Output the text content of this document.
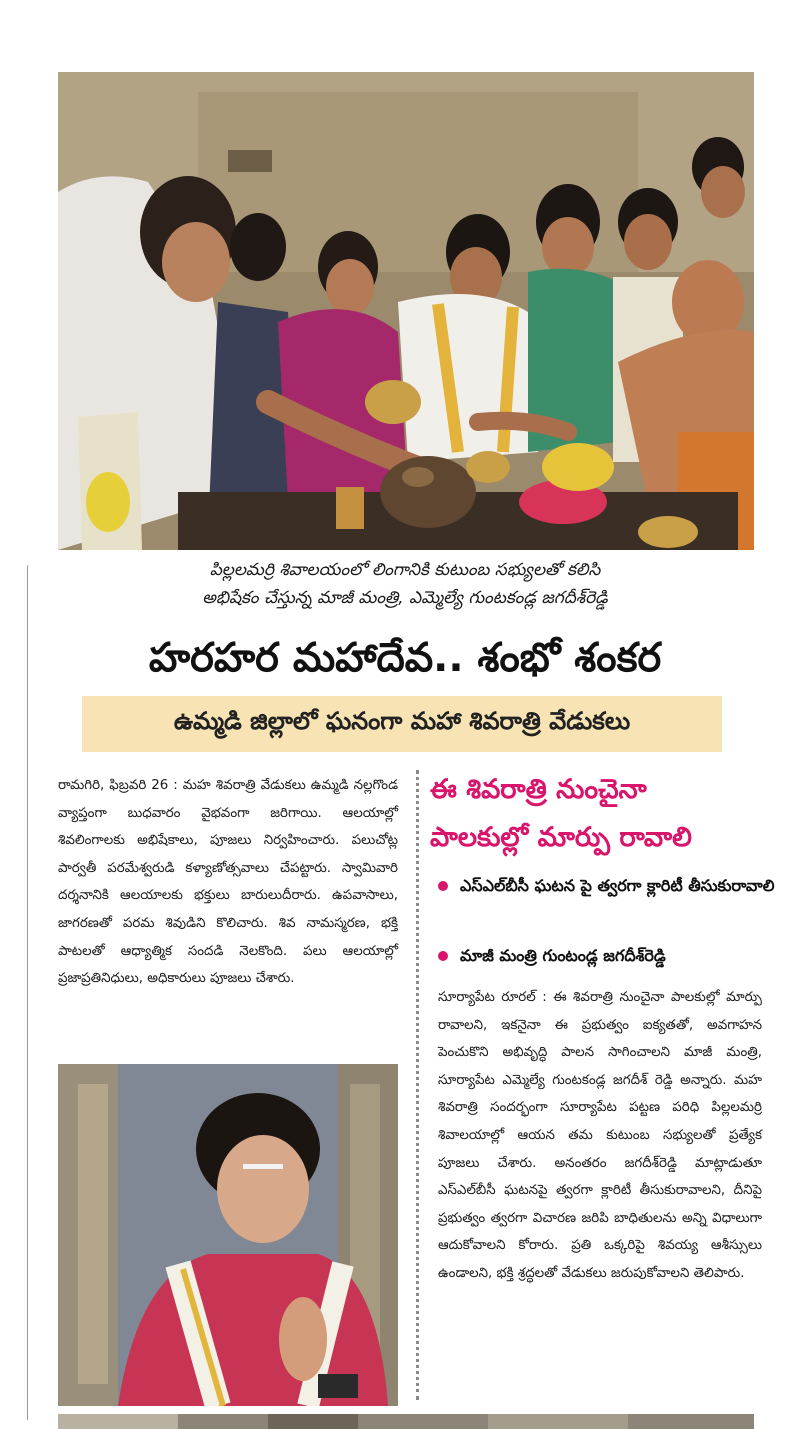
పిల్లలమర్రి శివాలయంలో లింగానికి కుటుంబ సభ్యులతో కలిసి
అభిషేకం చేస్తున్న మాజీ మంత్రి, ఎమ్మెల్యే గుంటకండ్ల జగదీశ్‌రెడ్డి
హరహర మహాదేవ.. శంభో శంకర
ఉమ్మడి జిల్లాలో ఘనంగా మహా శివరాత్రి వేడుకలు
రామగిరి, ఫిబ్రవరి 26 : మహ శివరాత్రి వేడుకలు ఉమ్మడి నల్లగొండ వ్యాప్తంగా బుధవారం వైభవంగా జరిగాయి. ఆలయాల్లో శివలింగాలకు అభిషేకాలు, పూజలు నిర్వహించారు. పలుచోట్ల పార్వతీ పరమేశ్వరుడి కళ్యాణోత్సవాలు చేపట్టారు. స్వామివారి దర్శనానికి ఆలయాలకు భక్తులు బారులుదీరారు. ఉపవాసాలు, జాగరణతో పరమ శివుడిని కొలిచారు. శివ నామస్మరణ, భక్తి పాటలతో ఆధ్యాత్మిక సందడి నెలకొంది. పలు ఆలయాల్లో ప్రజాప్రతినిధులు, అధికారులు పూజలు చేశారు.
ఈ శివరాత్రి నుంచైనా
పాలకుల్లో మార్పు రావాలి
ఎస్‌ఎల్‌బీసీ ఘటన పై త్వరగా క్లారిటీ తీసుకురావాలి
మాజీ మంత్రి గుంటండ్ల జగదీశ్‌రెడ్డి
సూర్యాపేట రూరల్ : ఈ శివరాత్రి నుంచైనా పాలకుల్లో మార్పు రావాలని, ఇకనైనా ఈ ప్రభుత్వం ఐక్యతతో, అవగాహన పెంచుకొని అభివృద్ధి పాలన సాగించాలని మాజీ మంత్రి, సూర్యాపేట ఎమ్మెల్యే గుంటకండ్ల జగదీశ్ రెడ్డి అన్నారు. మహ శివరాత్రి సందర్భంగా సూర్యాపేట పట్టణ పరిధి పిల్లలమర్రి శివాలయాల్లో ఆయన తమ కుటుంబ సభ్యులతో ప్రత్యేక పూజలు చేశారు. అనంతరం జగదీశ్‌రెడ్డి మాట్లాడుతూ ఎస్‌ఎల్‌బీసీ ఘటనపై త్వరగా క్లారిటీ తీసుకురావాలని, దీనిపై ప్రభుత్వం త్వరగా విచారణ జరిపి బాధితులను అన్ని విధాలుగా ఆదుకోవాలని కోరారు. ప్రతి ఒక్కరిపై శివయ్య ఆశీస్సులు ఉండాలని, భక్తి శ్రద్ధలతో వేడుకలు జరుపుకోవాలని తెలిపారు.
